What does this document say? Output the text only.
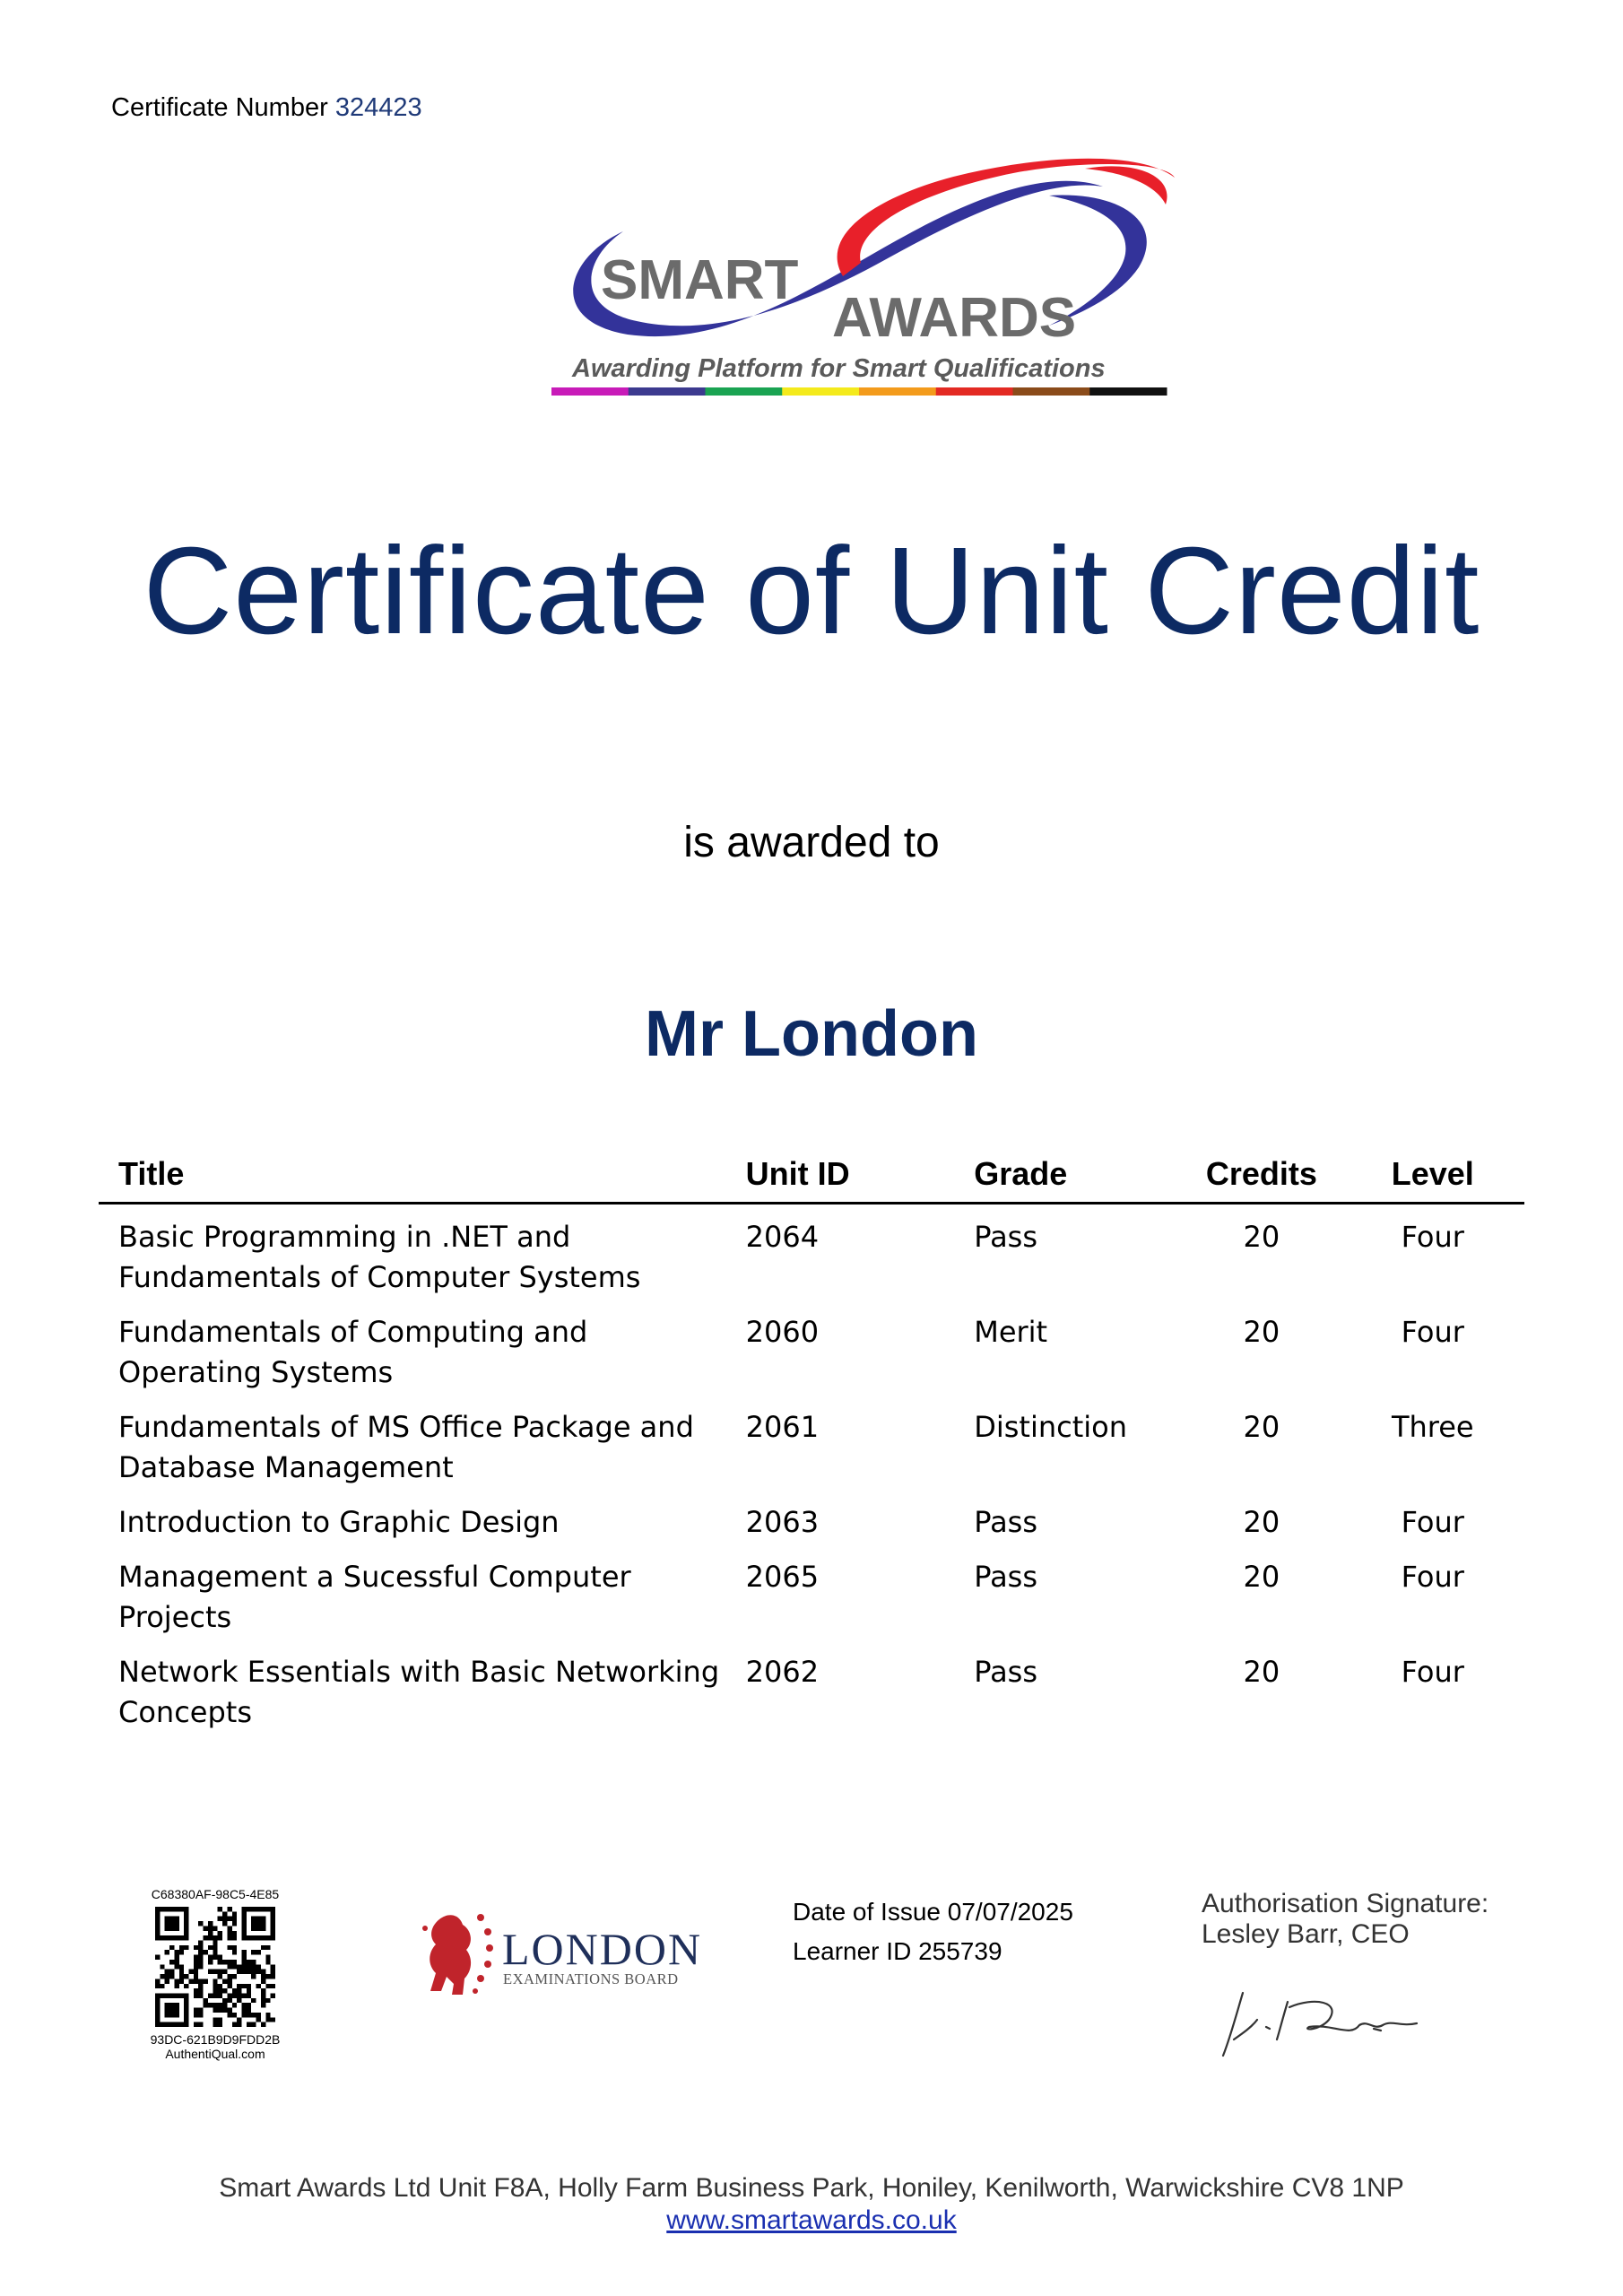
Certificate Number 324423
SMART
AWARDS
Awarding Platform for Smart Qualifications
Certificate of Unit Credit
is awarded to
Mr London
Title	Unit ID	Grade	Credits	Level
Basic Programming in .NET and Fundamentals of Computer Systems	2064	Pass	20	Four
Fundamentals of Computing and Operating Systems	2060	Merit	20	Four
Fundamentals of MS Office Package and Database Management	2061	Distinction	20	Three
Introduction to Graphic Design	2063	Pass	20	Four
Management a Sucessful Computer Projects	2065	Pass	20	Four
Network Essentials with Basic Networking Concepts	2062	Pass	20	Four
C68380AF-98C5-4E85
93DC-621B9D9FDD2B
AuthentiQual.com
LONDON
EXAMINATIONS BOARD
Date of Issue 07/07/2025
Learner ID 255739
Authorisation Signature:
Lesley Barr, CEO
Smart Awards Ltd Unit F8A, Holly Farm Business Park, Honiley, Kenilworth, Warwickshire CV8 1NP
www.smartawards.co.uk
